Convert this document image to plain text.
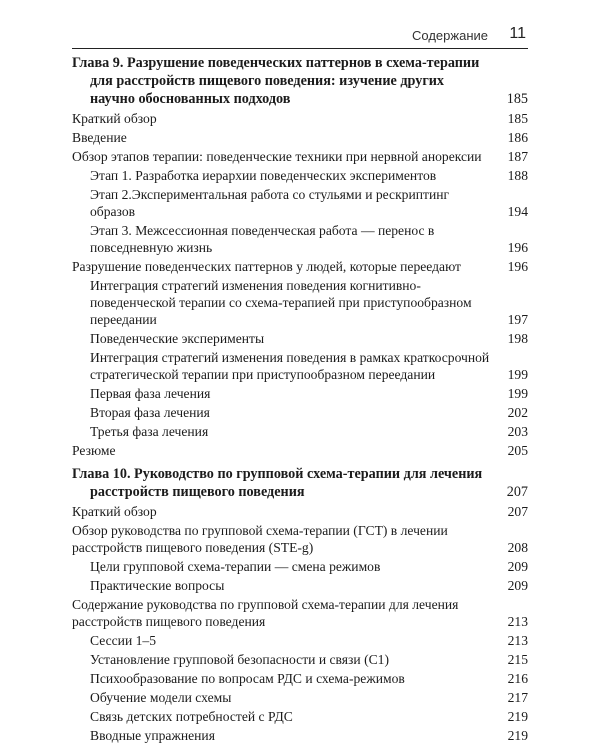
Содержание 11
Глава 9. Разрушение поведенческих паттернов в схема-терапии для расстройств пищевого поведения: изучение других научно обоснованных подходов	185
Краткий обзор	185
Введение	186
Обзор этапов терапии: поведенческие техники при нервной анорексии 187
Этап 1. Разработка иерархии поведенческих экспериментов	188
Этап 2.Экспериментальная работа со стульями и рескриптинг образов	194
Этап 3. Межсессионная поведенческая работа — перенос в повседневную жизнь	196
Разрушение поведенческих паттернов у людей, которые переедают	196
Интеграция стратегий изменения поведения когнитивно-поведенческой терапии со схема-терапией при приступообразном переедании	197
Поведенческие эксперименты	198
Интеграция стратегий изменения поведения в рамках краткосрочной стратегической терапии при приступообразном переедании	199
Первая фаза лечения	199
Вторая фаза лечения	202
Третья фаза лечения	203
Резюме	205
Глава 10. Руководство по групповой схема-терапии для лечения расстройств пищевого поведения	207
Краткий обзор	207
Обзор руководства по групповой схема-терапии (ГСТ) в лечении расстройств пищевого поведения (STE-g)	208
Цели групповой схема-терапии — смена режимов	209
Практические вопросы	209
Содержание руководства по групповой схема-терапии для лечения расстройств пищевого поведения	213
Сессии 1–5	213
Установление групповой безопасности и связи (С1)	215
Психообразование по вопросам РДС и схема-режимов	216
Обучение модели схемы	217
Связь детских потребностей с РДС	219
Вводные упражнения	219
